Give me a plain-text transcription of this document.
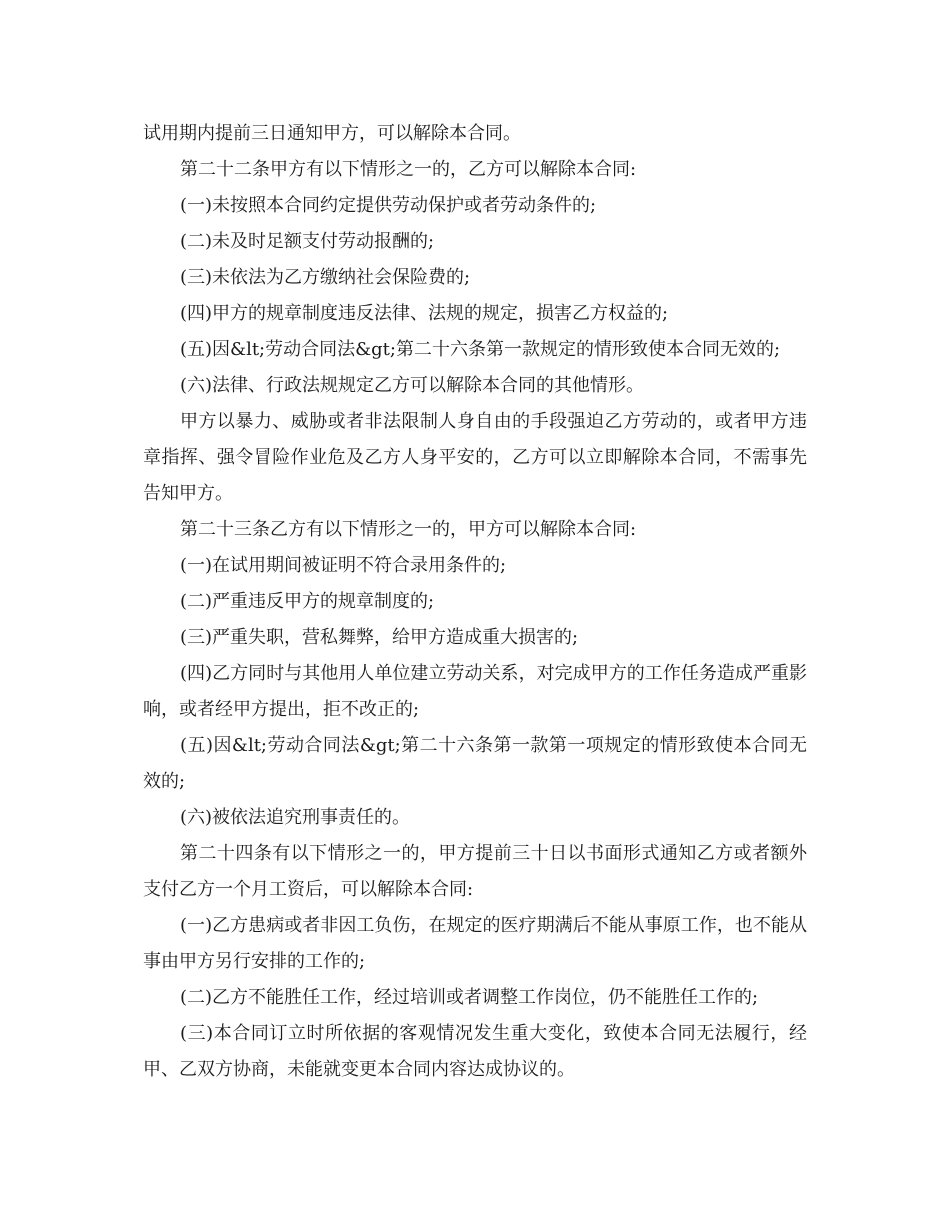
试用期内提前三日通知甲方，可以解除本合同。

第二十二条甲方有以下情形之一的，乙方可以解除本合同:

(一)未按照本合同约定提供劳动保护或者劳动条件的;

(二)未及时足额支付劳动报酬的;

(三)未依法为乙方缴纳社会保险费的;

(四)甲方的规章制度违反法律、法规的规定，损害乙方权益的;

(五)因&lt;劳动合同法&gt;第二十六条第一款规定的情形致使本合同无效的;

(六)法律、行政法规规定乙方可以解除本合同的其他情形。

甲方以暴力、威胁或者非法限制人身自由的手段强迫乙方劳动的，或者甲方违章指挥、强令冒险作业危及乙方人身平安的，乙方可以立即解除本合同，不需事先告知甲方。

第二十三条乙方有以下情形之一的，甲方可以解除本合同:

(一)在试用期间被证明不符合录用条件的;

(二)严重违反甲方的规章制度的;

(三)严重失职，营私舞弊，给甲方造成重大损害的;

(四)乙方同时与其他用人单位建立劳动关系，对完成甲方的工作任务造成严重影响，或者经甲方提出，拒不改正的;

(五)因&lt;劳动合同法&gt;第二十六条第一款第一项规定的情形致使本合同无效的;

(六)被依法追究刑事责任的。

第二十四条有以下情形之一的，甲方提前三十日以书面形式通知乙方或者额外支付乙方一个月工资后，可以解除本合同:

(一)乙方患病或者非因工负伤，在规定的医疗期满后不能从事原工作，也不能从事由甲方另行安排的工作的;

(二)乙方不能胜任工作，经过培训或者调整工作岗位，仍不能胜任工作的;

(三)本合同订立时所依据的客观情况发生重大变化，致使本合同无法履行，经甲、乙双方协商，未能就变更本合同内容达成协议的。
